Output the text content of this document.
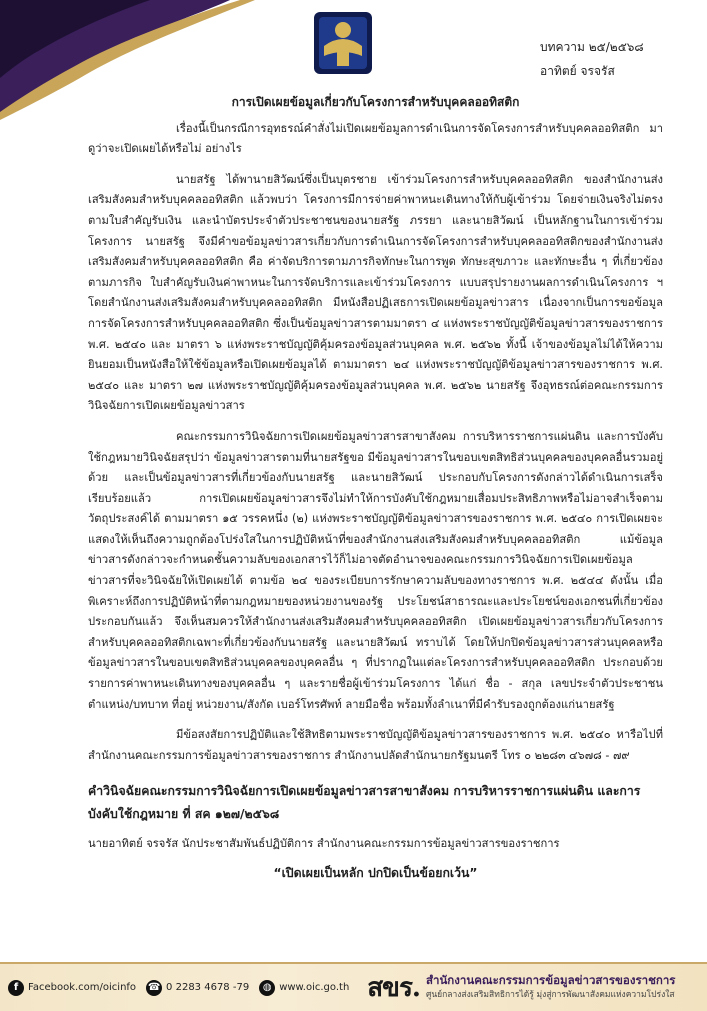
บทความ ๒๕/๒๕๖๘
อาทิตย์ จรจรัส
การเปิดเผยข้อมูลเกี่ยวกับโครงการสำหรับบุคคลออทิสติก

เรื่องนี้เป็นกรณีการอุทธรณ์คำสั่งไม่เปิดเผยข้อมูลการดำเนินการจัดโครงการสำหรับบุคคลออทิสติก มาดูว่าจะเปิดเผยได้หรือไม่ อย่างไร

นายสรัฐ ได้พานายสิวัฒน์ซึ่งเป็นบุตรชาย เข้าร่วมโครงการสำหรับบุคคลออทิสติก ของสำนักงานส่งเสริมสังคมสำหรับบุคคลออทิสติก แล้วพบว่า โครงการมีการจ่ายค่าพาหนะเดินทางให้กับผู้เข้าร่วม โดยจ่ายเงินจริงไม่ตรงตามใบสำคัญรับเงิน และนำบัตรประจำตัวประชาชนของนายสรัฐ ภรรยา และนายสิวัฒน์ เป็นหลักฐานในการเข้าร่วมโครงการ นายสรัฐ จึงมีคำขอข้อมูลข่าวสารเกี่ยวกับการดำเนินการจัดโครงการสำหรับบุคคลออทิสติกของสำนักงานส่งเสริมสังคมสำหรับบุคคลออทิสติก คือ ค่าจัดบริการตามภารกิจทักษะในการพูด ทักษะสุขภาวะ และทักษะอื่น ๆ ที่เกี่ยวข้องตามภารกิจ ใบสำคัญรับเงินค่าพาหนะในการจัดบริการและเข้าร่วมโครงการ แบบสรุปรายงานผลการดำเนินโครงการ ฯ โดยสำนักงานส่งเสริมสังคมสำหรับบุคคลออทิสติก มีหนังสือปฏิเสธการเปิดเผยข้อมูลข่าวสาร เนื่องจากเป็นการขอข้อมูลการจัดโครงการสำหรับบุคคลออทิสติก ซึ่งเป็นข้อมูลข่าวสารตามมาตรา ๔ แห่งพระราชบัญญัติข้อมูลข่าวสารของราชการ พ.ศ. ๒๕๔๐ และ มาตรา ๖ แห่งพระราชบัญญัติคุ้มครองข้อมูลส่วนบุคคล พ.ศ. ๒๕๖๒ ทั้งนี้ เจ้าของข้อมูลไม่ได้ให้ความยินยอมเป็นหนังสือให้ใช้ข้อมูลหรือเปิดเผยข้อมูลได้ ตามมาตรา ๒๔ แห่งพระราชบัญญัติข้อมูลข่าวสารของราชการ พ.ศ. ๒๕๔๐ และ มาตรา ๒๗ แห่งพระราชบัญญัติคุ้มครองข้อมูลส่วนบุคคล พ.ศ. ๒๕๖๒ นายสรัฐ จึงอุทธรณ์ต่อคณะกรรมการวินิจฉัยการเปิดเผยข้อมูลข่าวสาร

คณะกรรมการวินิจฉัยการเปิดเผยข้อมูลข่าวสารสาขาสังคม การบริหารราชการแผ่นดิน และการบังคับใช้กฎหมายวินิจฉัยสรุปว่า ข้อมูลข่าวสารตามที่นายสรัฐขอ มีข้อมูลข่าวสารในขอบเขตสิทธิส่วนบุคคลของบุคคลอื่นรวมอยู่ด้วย และเป็นข้อมูลข่าวสารที่เกี่ยวข้องกับนายสรัฐ และนายสิวัฒน์ ประกอบกับโครงการดังกล่าวได้ดำเนินการเสร็จเรียบร้อยแล้ว การเปิดเผยข้อมูลข่าวสารจึงไม่ทำให้การบังคับใช้กฎหมายเสื่อมประสิทธิภาพหรือไม่อาจสำเร็จตามวัตถุประสงค์ได้ ตามมาตรา ๑๕ วรรคหนึ่ง (๒) แห่งพระราชบัญญัติข้อมูลข่าวสารของราชการ พ.ศ. ๒๕๔๐ การเปิดเผยจะแสดงให้เห็นถึงความถูกต้องโปร่งใสในการปฏิบัติหน้าที่ของสำนักงานส่งเสริมสังคมสำหรับบุคคลออทิสติก แม้ข้อมูลข่าวสารดังกล่าวจะกำหนดชั้นความลับของเอกสารไว้ก็ไม่อาจตัดอำนาจของคณะกรรมการวินิจฉัยการเปิดเผยข้อมูลข่าวสารที่จะวินิจฉัยให้เปิดเผยได้ ตามข้อ ๒๔ ของระเบียบการรักษาความลับของทางราชการ พ.ศ. ๒๕๔๔ ดังนั้น เมื่อพิเคราะห์ถึงการปฏิบัติหน้าที่ตามกฎหมายของหน่วยงานของรัฐ ประโยชน์สาธารณะและประโยชน์ของเอกชนที่เกี่ยวข้องประกอบกันแล้ว จึงเห็นสมควรให้สำนักงานส่งเสริมสังคมสำหรับบุคคลออทิสติก เปิดเผยข้อมูลข่าวสารเกี่ยวกับโครงการสำหรับบุคคลออทิสติกเฉพาะที่เกี่ยวข้องกับนายสรัฐ และนายสิวัฒน์ ทราบได้ โดยให้ปกปิดข้อมูลข่าวสารส่วนบุคคลหรือข้อมูลข่าวสารในขอบเขตสิทธิส่วนบุคคลของบุคคลอื่น ๆ ที่ปรากฏในแต่ละโครงการสำหรับบุคคลออทิสติก ประกอบด้วยรายการค่าพาหนะเดินทางของบุคคลอื่น ๆ และรายชื่อผู้เข้าร่วมโครงการ ได้แก่ ชื่อ - สกุล เลขประจำตัวประชาชน ตำแหน่ง/บทบาท ที่อยู่ หน่วยงาน/สังกัด เบอร์โทรศัพท์ ลายมือชื่อ พร้อมทั้งลำเนาที่มีคำรับรองถูกต้องแก่นายสรัฐ

มีข้อสงสัยการปฏิบัติและใช้สิทธิตามพระราชบัญญัติข้อมูลข่าวสารของราชการ พ.ศ. ๒๕๔๐ หารือไปที่ สำนักงานคณะกรรมการข้อมูลข่าวสารของราชการ สำนักงานปลัดสำนักนายกรัฐมนตรี โทร ๐ ๒๒๘๓ ๔๖๗๘ - ๗๙

คำวินิจฉัยคณะกรรมการวินิจฉัยการเปิดเผยข้อมูลข่าวสารสาขาสังคม การบริหารราชการแผ่นดิน และการบังคับใช้กฎหมาย ที่ สค ๑๒๗/๒๕๖๘
นายอาทิตย์ จรจรัส นักประชาสัมพันธ์ปฏิบัติการ สำนักงานคณะกรรมการข้อมูลข่าวสารของราชการ
“เปิดเผยเป็นหลัก ปกปิดเป็นข้อยกเว้น”
f Facebook.com/oicinfo ☎ 0 2283 4678 -79	◍ www.oic.go.th สขร. สำนักงานคณะกรรมการข้อมูลข่าวสารของราชการ
ศูนย์กลางส่งเสริมสิทธิการได้รู้ มุ่งสู่การพัฒนาสังคมแห่งความโปร่งใส
